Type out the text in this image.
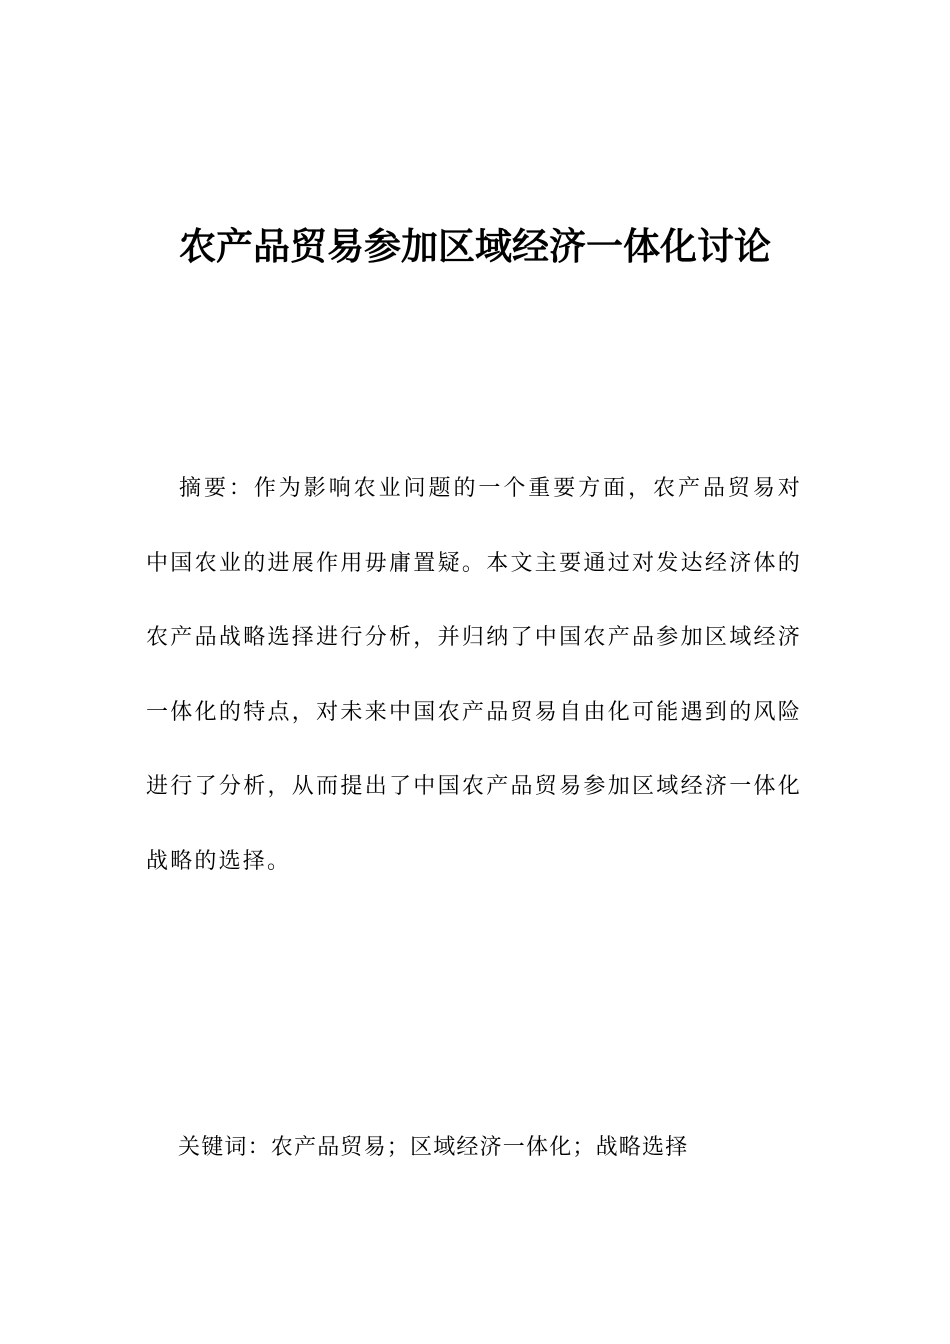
农产品贸易参加区域经济一体化讨论

摘要：作为影响农业问题的一个重要方面，农产品贸易对中国农业的进展作用毋庸置疑。本文主要通过对发达经济体的农产品战略选择进行分析，并归纳了中国农产品参加区域经济一体化的特点，对未来中国农产品贸易自由化可能遇到的风险进行了分析，从而提出了中国农产品贸易参加区域经济一体化战略的选择。

关键词：农产品贸易；区域经济一体化；战略选择
